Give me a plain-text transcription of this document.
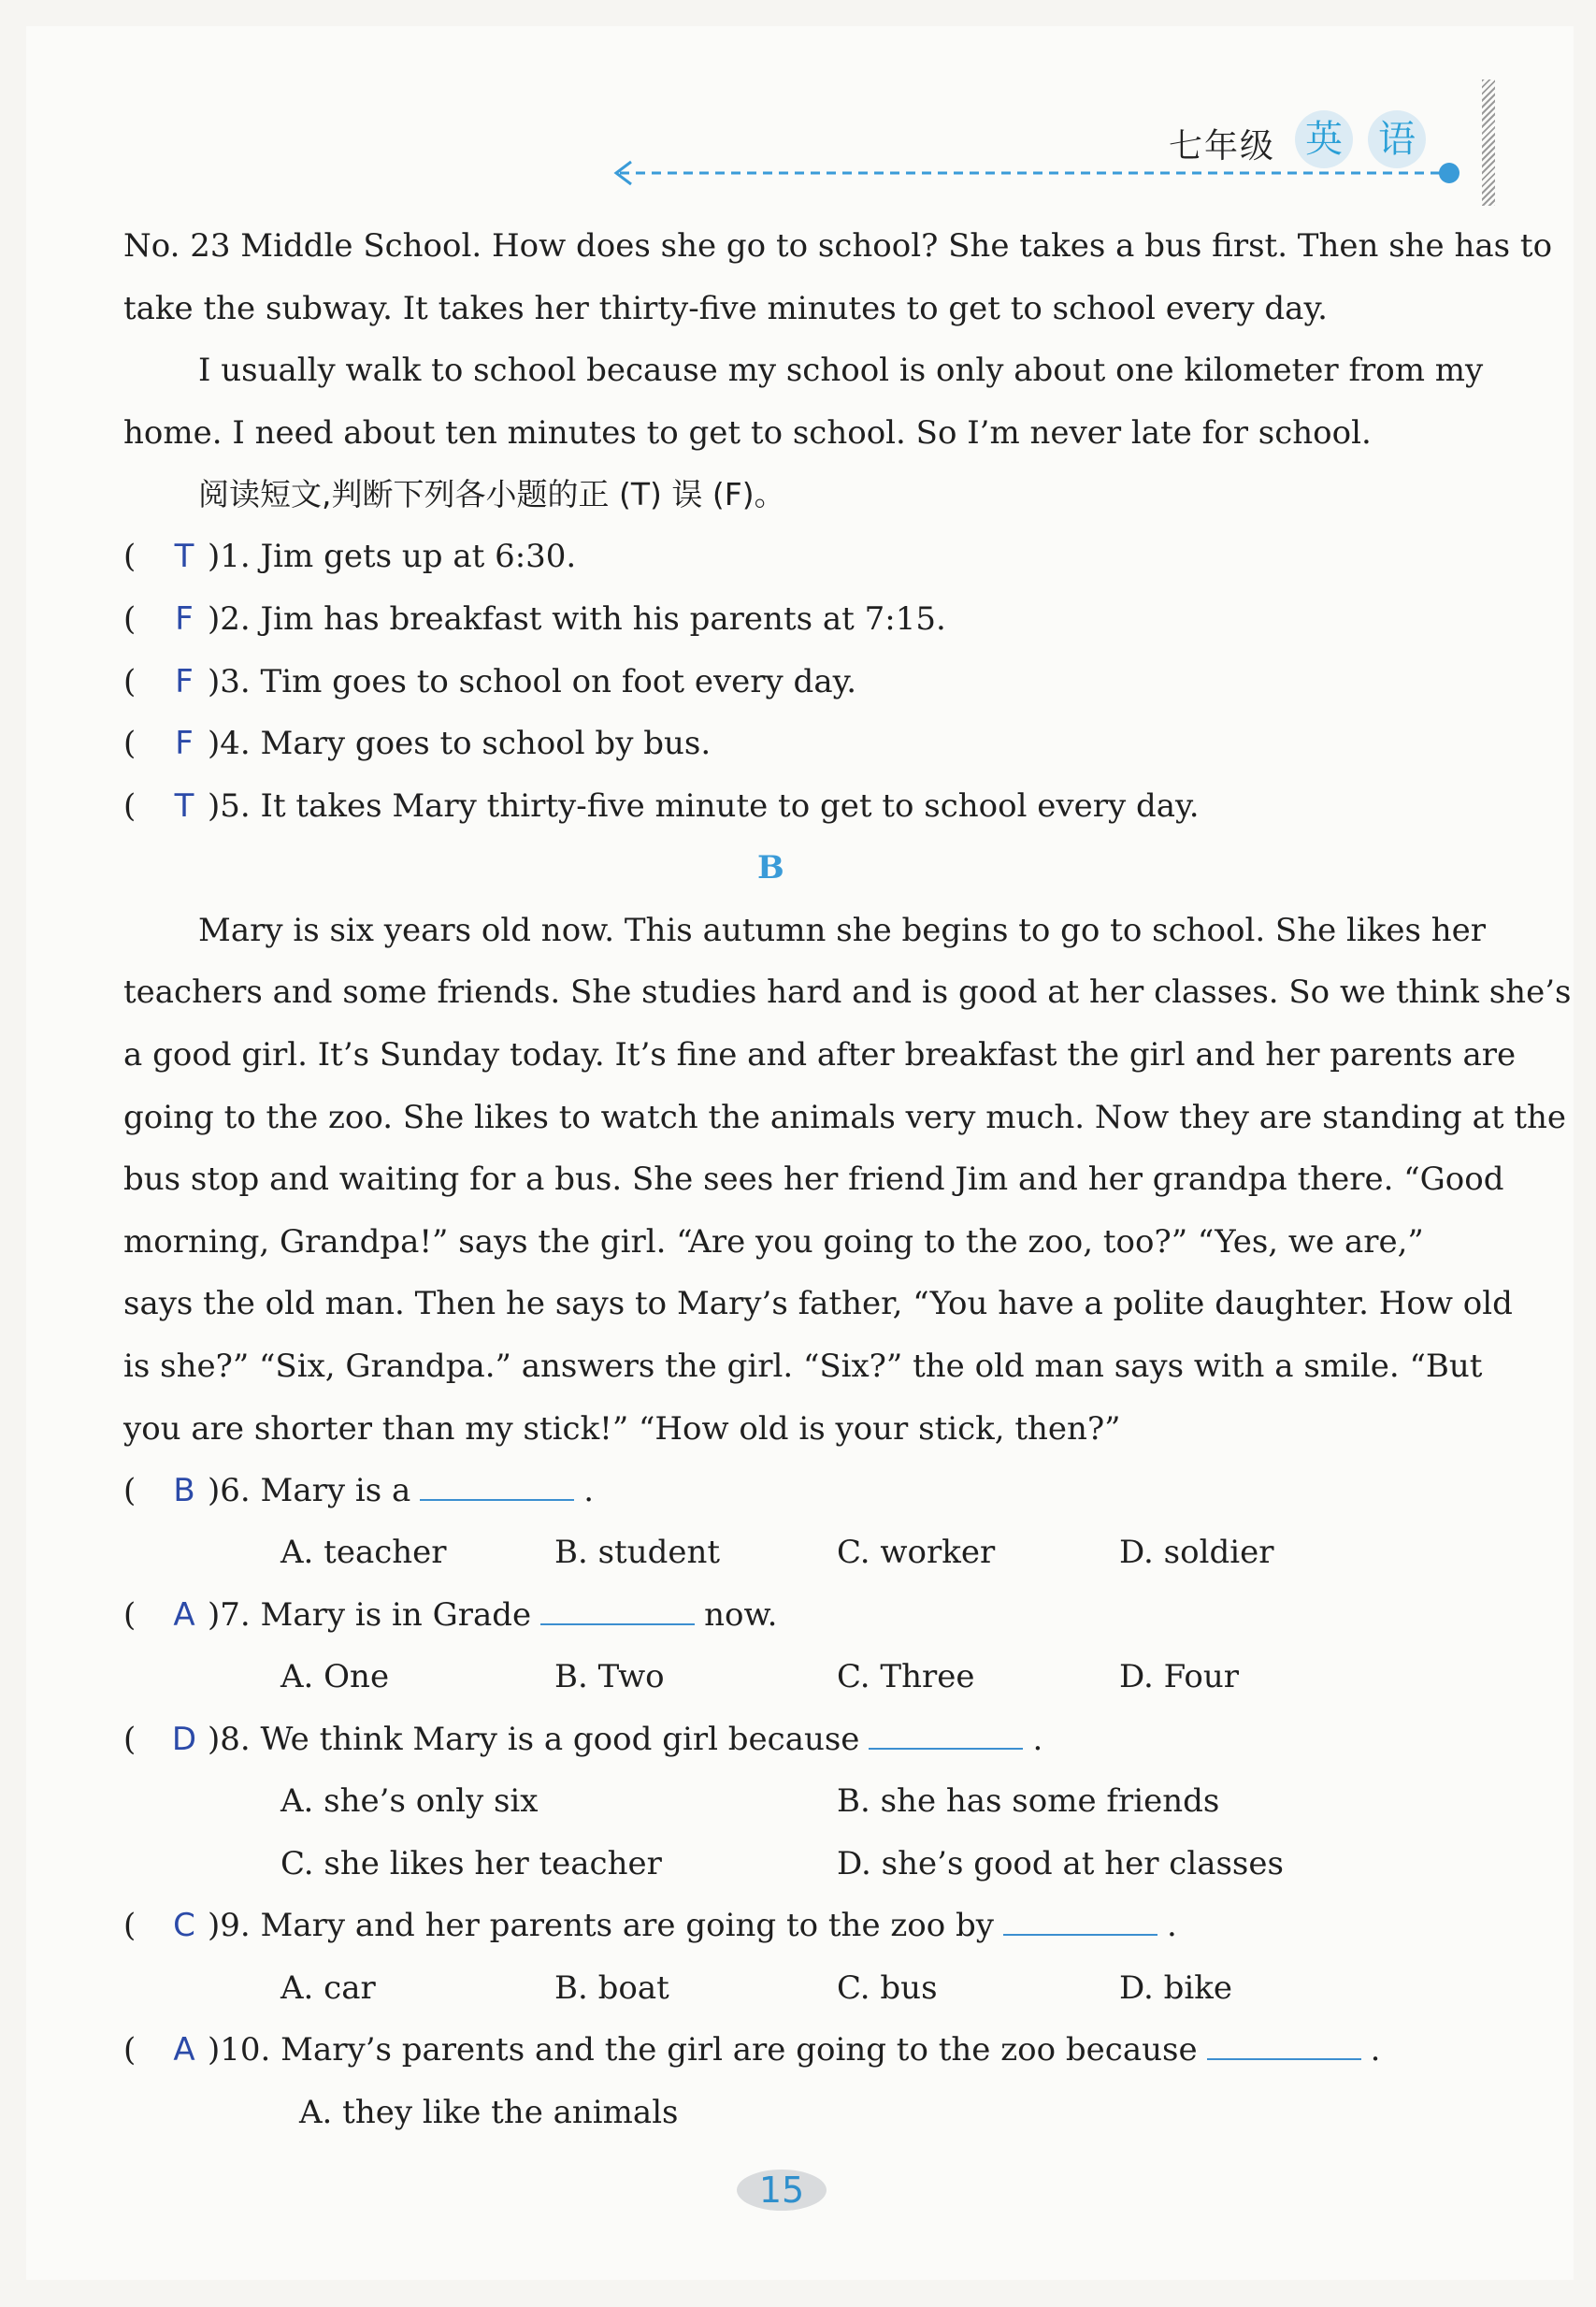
七年级 英 语
No. 23 Middle School. How does she go to school? She takes a bus first. Then she has to
take the subway. It takes her thirty-five minutes to get to school every day.
I usually walk to school because my school is only about one kilometer from my
home. I need about ten minutes to get to school. So I’m never late for school.
阅读短文,判断下列各小题的正 (T) 误 (F)。
( T )1. Jim gets up at 6:30.
( F )2. Jim has breakfast with his parents at 7:15.
( F )3. Tim goes to school on foot every day.
( F )4. Mary goes to school by bus.
( T )5. It takes Mary thirty-five minute to get to school every day.
B
Mary is six years old now. This autumn she begins to go to school. She likes her
teachers and some friends. She studies hard and is good at her classes. So we think she’s
a good girl. It’s Sunday today. It’s fine and after breakfast the girl and her parents are
going to the zoo. She likes to watch the animals very much. Now they are standing at the
bus stop and waiting for a bus. She sees her friend Jim and her grandpa there. “Good
morning, Grandpa!” says the girl. “Are you going to the zoo, too?” “Yes, we are,”
says the old man. Then he says to Mary’s father, “You have a polite daughter. How old
is she?” “Six, Grandpa.” answers the girl. “Six?” the old man says with a smile. “But
you are shorter than my stick!” “How old is your stick, then?”
( B )6. Mary is a	.
A. teacher	B. student	C. worker	D. soldier
( A )7. Mary is in Grade	now.
A. One	B. Two	C. Three	D. Four
( D )8. We think Mary is a good girl because	.
A. she’s only six	B. she has some friends
C. she likes her teacher	D. she’s good at her classes
( C )9. Mary and her parents are going to the zoo by	.
A. car	B. boat	C. bus	D. bike
( A )10. Mary’s parents and the girl are going to the zoo because	.
A. they like the animals
15
